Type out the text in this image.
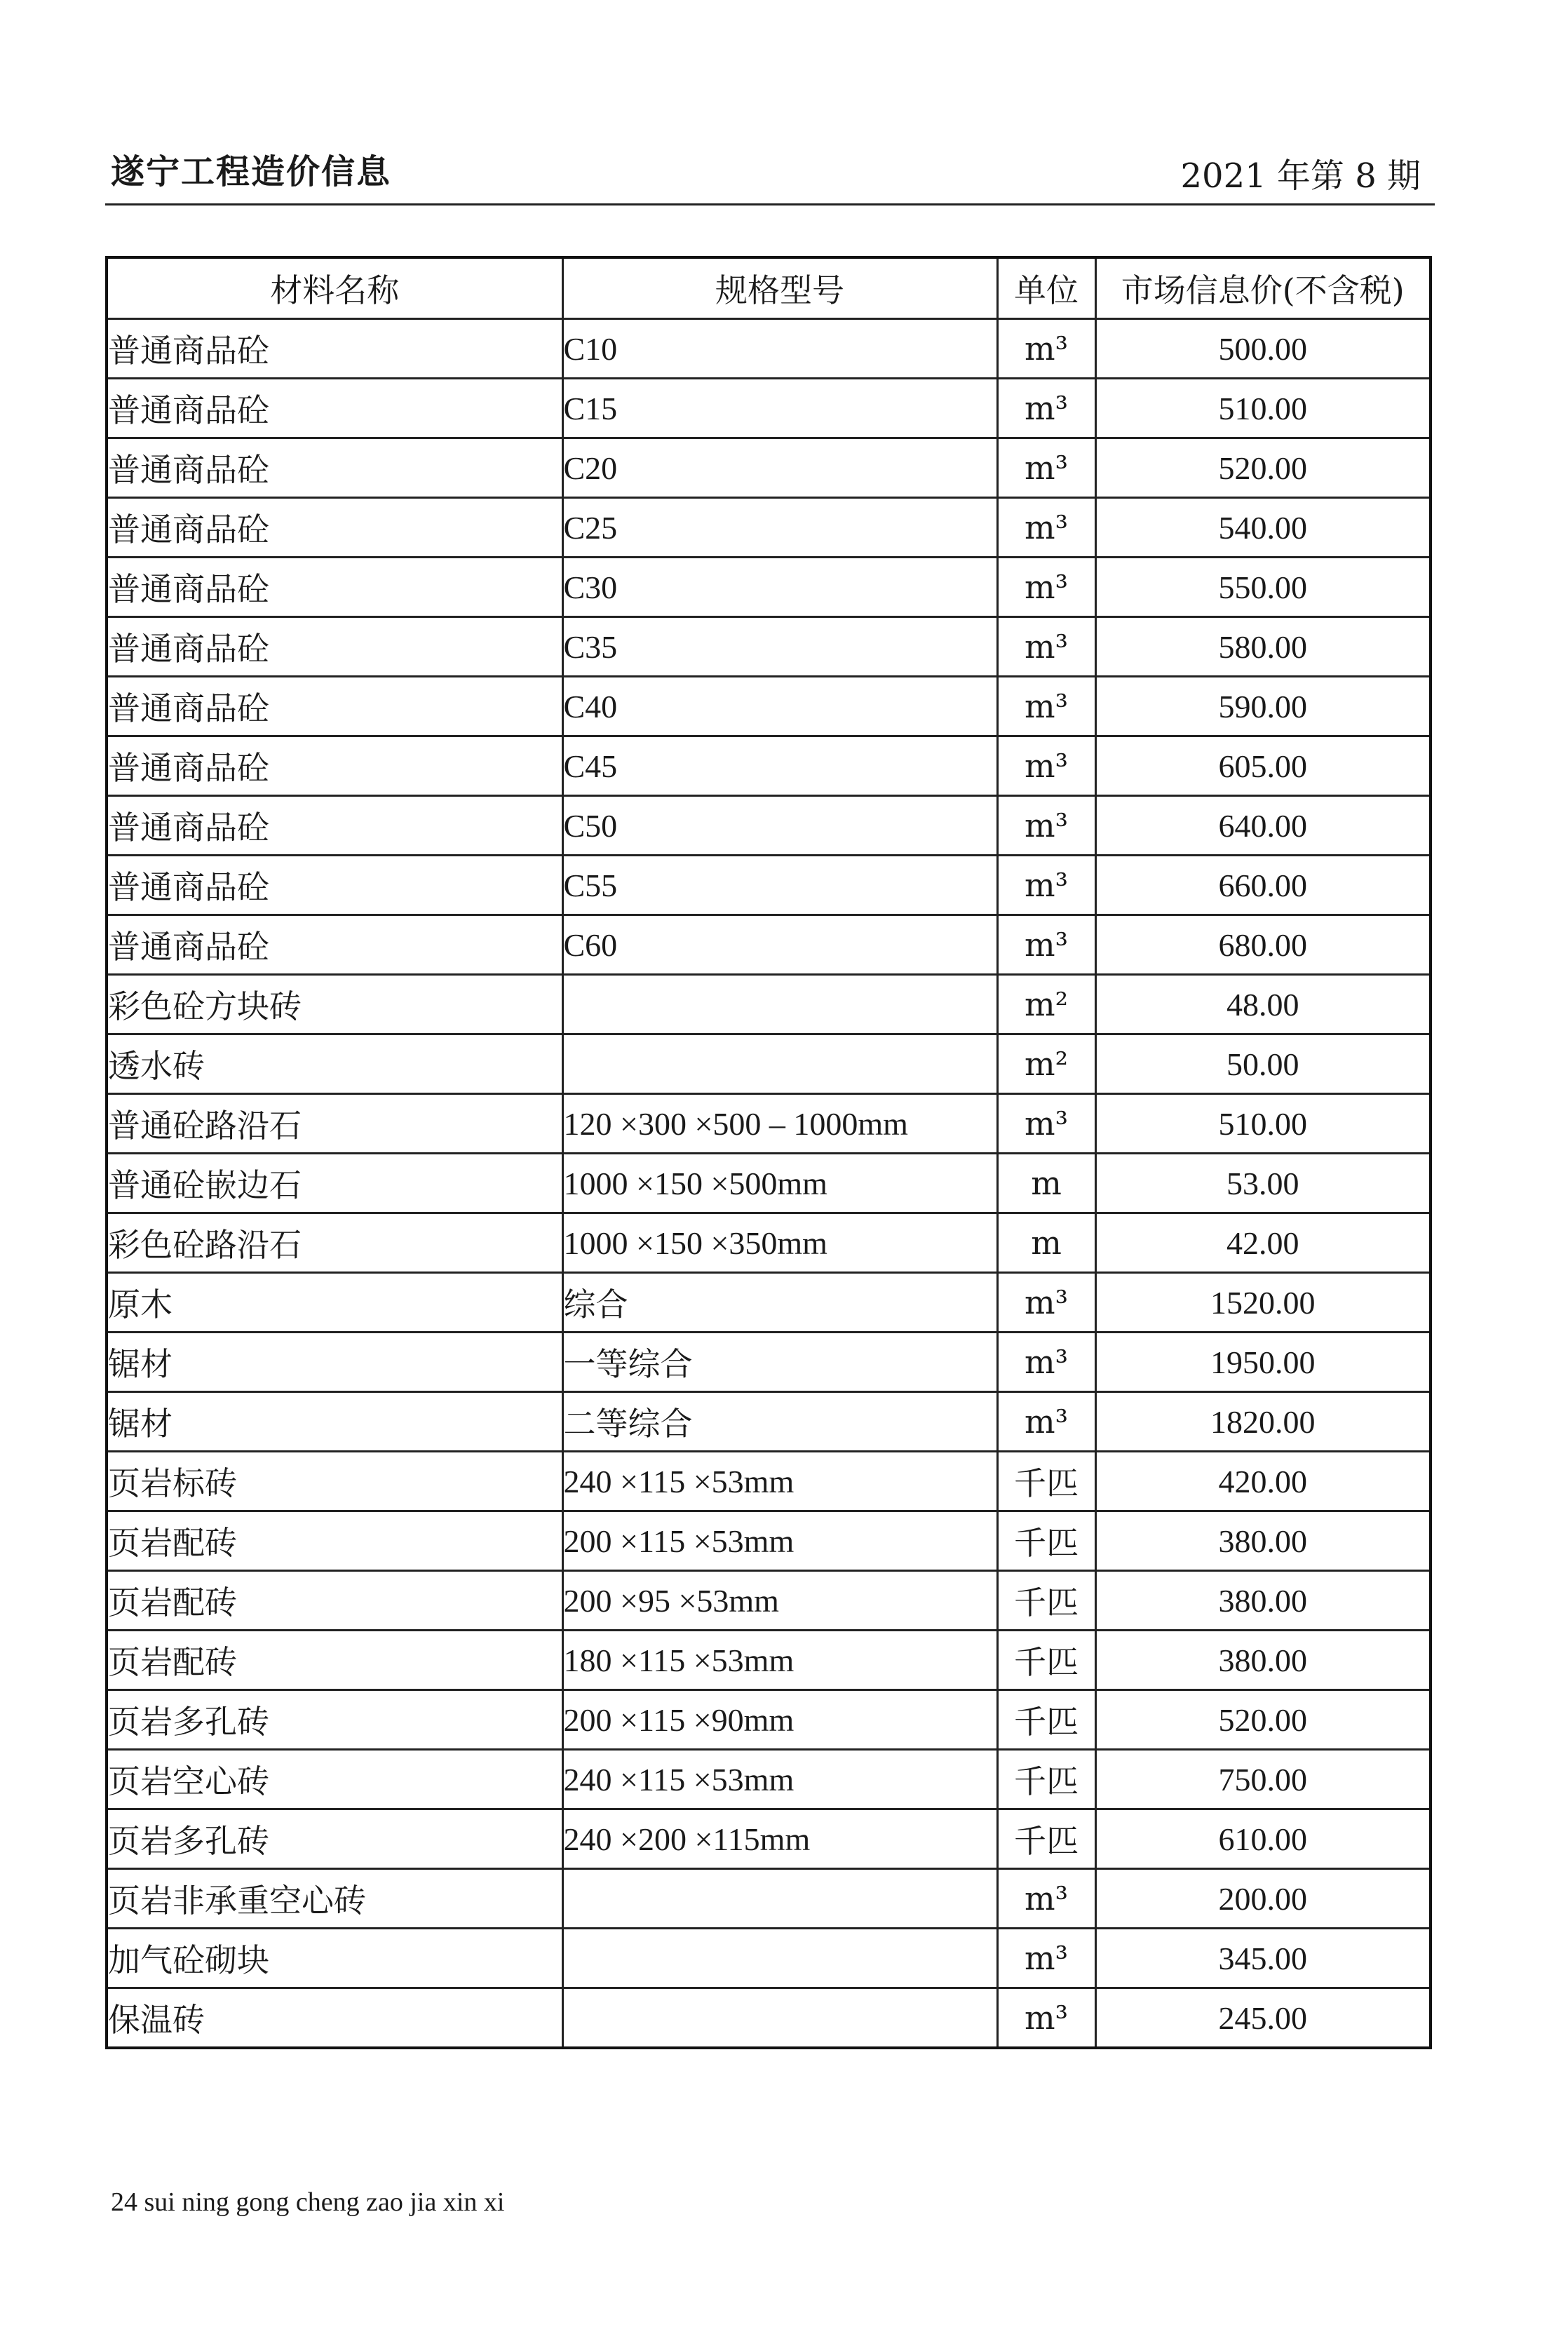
遂宁工程造价信息	2021 年第 8 期
材料名称	规格型号	单位	市场信息价(不含税)
普通商品砼	C10	m³	500.00
普通商品砼	C15	m³	510.00
普通商品砼	C20	m³	520.00
普通商品砼	C25	m³	540.00
普通商品砼	C30	m³	550.00
普通商品砼	C35	m³	580.00
普通商品砼	C40	m³	590.00
普通商品砼	C45	m³	605.00
普通商品砼	C50	m³	640.00
普通商品砼	C55	m³	660.00
普通商品砼	C60	m³	680.00
彩色砼方块砖		m²	48.00
透水砖		m²	50.00
普通砼路沿石	120 ×300 ×500 – 1000mm	m³	510.00
普通砼嵌边石	1000 ×150 ×500mm	m	53.00
彩色砼路沿石	1000 ×150 ×350mm	m	42.00
原木	综合	m³	1520.00
锯材	一等综合	m³	1950.00
锯材	二等综合	m³	1820.00
页岩标砖	240 ×115 ×53mm	千匹	420.00
页岩配砖	200 ×115 ×53mm	千匹	380.00
页岩配砖	200 ×95 ×53mm	千匹	380.00
页岩配砖	180 ×115 ×53mm	千匹	380.00
页岩多孔砖	200 ×115 ×90mm	千匹	520.00
页岩空心砖	240 ×115 ×53mm	千匹	750.00
页岩多孔砖	240 ×200 ×115mm	千匹	610.00
页岩非承重空心砖		m³	200.00
加气砼砌块		m³	345.00
保温砖		m³	245.00
24 sui ning gong cheng zao jia xin xi
